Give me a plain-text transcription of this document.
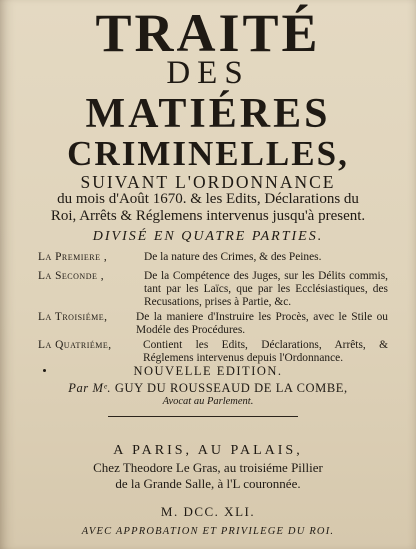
TRAITÉ
DES
MATIÉRES
CRIMINELLES,
SUIVANT L'ORDONNANCE
du mois d'Août 1670. & les Edits, Déclarations du
Roi, Arrêts & Réglemens intervenus jusqu'à present.
DIVISÉ EN QUATRE PARTIES.
La Premiere ,	De la nature des Crimes, & des Peines.
La Seconde ,	De la Compétence des Juges, sur les Délits commis, tant par les Laïcs, que par les Ecclésiastiques, des Recusations, prises à Partie, &c.
La Troisiéme,	De la maniere d'Instruire les Procès, avec le Stile ou Modéle des Procédures.
La Quatriéme,	Contient les Edits, Déclarations, Arrêts, & Réglemens intervenus depuis l'Ordonnance.
NOUVELLE EDITION.
Par Mᵉ. GUY DU ROUSSEAUD DE LA COMBE,
Avocat au Parlement.
A PARIS, AU PALAIS,
Chez Theodore Le Gras, au troisiéme Pillier
de la Grande Salle, à l'L couronnée.
M. DCC. XLI.
AVEC APPROBATION ET PRIVILEGE DU ROI.
